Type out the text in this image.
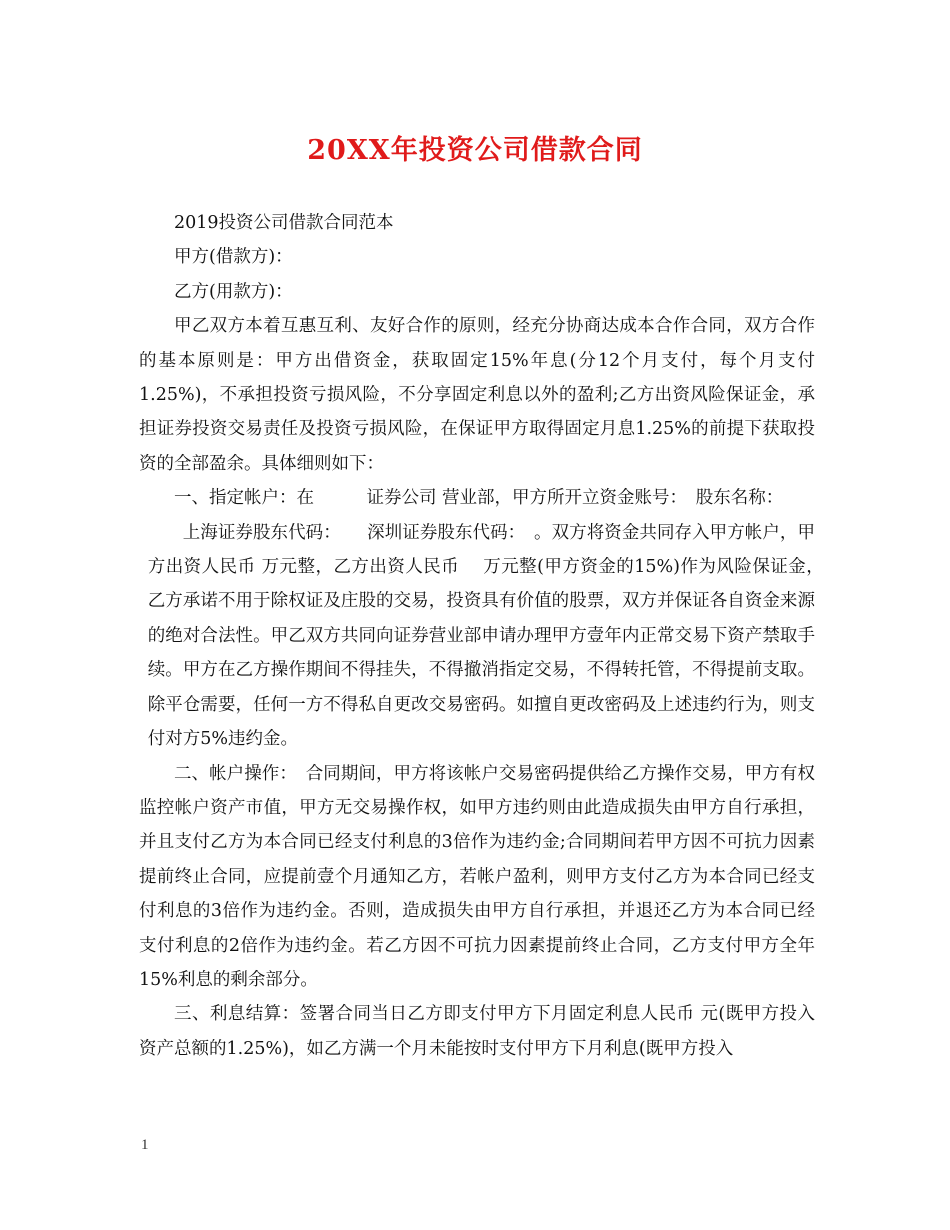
20XX年投资公司借款合同

2019投资公司借款合同范本

甲方(借款方)：

乙方(用款方)：

甲乙双方本着互惠互利、友好合作的原则，经充分协商达成本合作合同，双方合作的基本原则是：甲方出借资金，获取固定15%年息(分12个月支付，每个月支付1.25%)，不承担投资亏损风险，不分享固定利息以外的盈利;乙方出资风险保证金，承担证券投资交易责任及投资亏损风险，在保证甲方取得固定月息1.25%的前提下获取投资的全部盈余。具体细则如下：

一、指定帐户：在　　　证券公司 营业部，甲方所开立资金账号：　股东名称：

上海证券股东代码：　　深圳证券股东代码：　。双方将资金共同存入甲方帐户，甲方出资人民币 万元整，乙方出资人民币　 万元整(甲方资金的15%)作为风险保证金，　乙方承诺不用于除权证及庄股的交易，投资具有价值的股票，双方并保证各自资金来源的绝对合法性。甲乙双方共同向证券营业部申请办理甲方壹年内正常交易下资产禁取手续。甲方在乙方操作期间不得挂失，不得撤消指定交易，不得转托管，不得提前支取。除平仓需要，任何一方不得私自更改交易密码。如擅自更改密码及上述违约行为，则支付对方5%违约金。

二、帐户操作：　合同期间，甲方将该帐户交易密码提供给乙方操作交易，甲方有权监控帐户资产市值，甲方无交易操作权，如甲方违约则由此造成损失由甲方自行承担，并且支付乙方为本合同已经支付利息的3倍作为违约金;合同期间若甲方因不可抗力因素提前终止合同，应提前壹个月通知乙方，若帐户盈利，则甲方支付乙方为本合同已经支付利息的3倍作为违约金。否则，造成损失由甲方自行承担，并退还乙方为本合同已经支付利息的2倍作为违约金。若乙方因不可抗力因素提前终止合同，乙方支付甲方全年15%利息的剩余部分。

三、利息结算：签署合同当日乙方即支付甲方下月固定利息人民币 元(既甲方投入资产总额的1.25%)，如乙方满一个月未能按时支付甲方下月利息(既甲方投入

1
